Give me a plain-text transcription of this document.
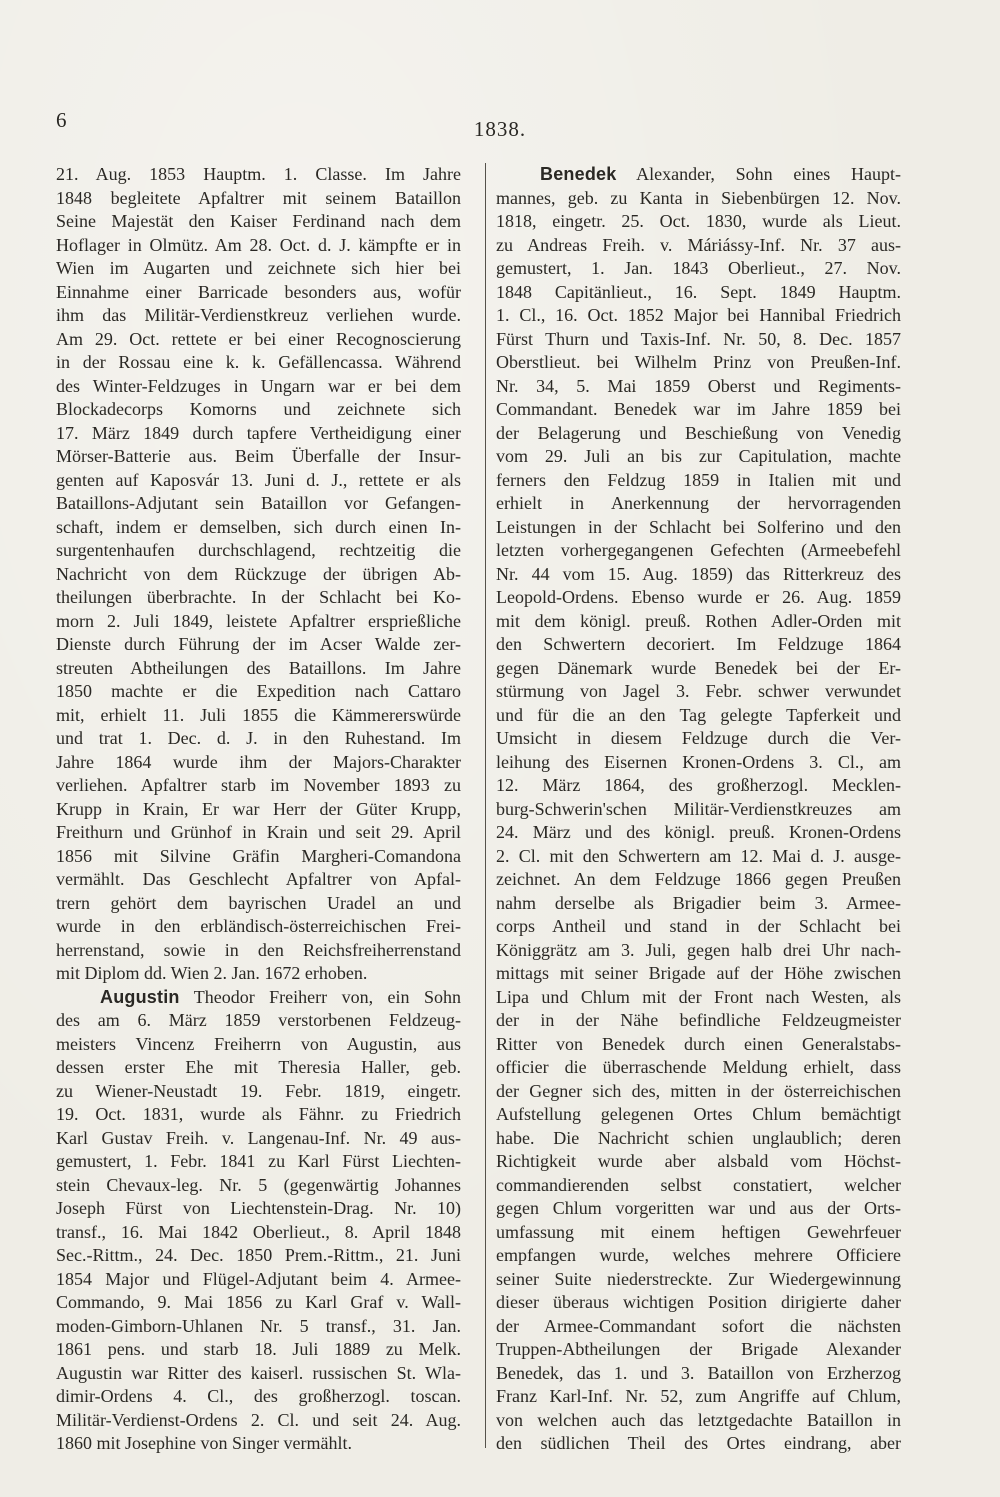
6	1838.
21. Aug. 1853 Hauptm. 1. Classe. Im Jahre
1848 begleitete Apfaltrer mit seinem Bataillon
Seine Majestät den Kaiser Ferdinand nach dem
Hoflager in Olmütz. Am 28. Oct. d. J. kämpfte er in
Wien im Augarten und zeichnete sich hier bei
Einnahme einer Barricade besonders aus, wofür
ihm das Militär-Verdienstkreuz verliehen wurde.
Am 29. Oct. rettete er bei einer Recognoscierung
in der Rossau eine k. k. Gefällencassa. Während
des Winter-Feldzuges in Ungarn war er bei dem
Blockadecorps Komorns und zeichnete sich
17. März 1849 durch tapfere Vertheidigung einer
Mörser-Batterie aus. Beim Überfalle der Insur-
genten auf Kaposvár 13. Juni d. J., rettete er als
Bataillons-Adjutant sein Bataillon vor Gefangen-
schaft, indem er demselben, sich durch einen In-
surgentenhaufen durchschlagend, rechtzeitig die
Nachricht von dem Rückzuge der übrigen Ab-
theilungen überbrachte. In der Schlacht bei Ko-
morn 2. Juli 1849, leistete Apfaltrer ersprießliche
Dienste durch Führung der im Acser Walde zer-
streuten Abtheilungen des Bataillons. Im Jahre
1850 machte er die Expedition nach Cattaro
mit, erhielt 11. Juli 1855 die Kämmererswürde
und trat 1. Dec. d. J. in den Ruhestand. Im
Jahre 1864 wurde ihm der Majors-Charakter
verliehen. Apfaltrer starb im November 1893 zu
Krupp in Krain, Er war Herr der Güter Krupp,
Freithurn und Grünhof in Krain und seit 29. April
1856 mit Silvine Gräfin Margheri-Comandona
vermählt. Das Geschlecht Apfaltrer von Apfal-
trern gehört dem bayrischen Uradel an und
wurde in den erbländisch-österreichischen Frei-
herrenstand, sowie in den Reichsfreiherrenstand
mit Diplom dd. Wien 2. Jan. 1672 erhoben.
Augustin Theodor Freiherr von, ein Sohn
des am 6. März 1859 verstorbenen Feldzeug-
meisters Vincenz Freiherrn von Augustin, aus
dessen erster Ehe mit Theresia Haller, geb.
zu Wiener-Neustadt 19. Febr. 1819, eingetr.
19. Oct. 1831, wurde als Fähnr. zu Friedrich
Karl Gustav Freih. v. Langenau-Inf. Nr. 49 aus-
gemustert, 1. Febr. 1841 zu Karl Fürst Liechten-
stein Chevaux-leg. Nr. 5 (gegenwärtig Johannes
Joseph Fürst von Liechtenstein-Drag. Nr. 10)
transf., 16. Mai 1842 Oberlieut., 8. April 1848
Sec.-Rittm., 24. Dec. 1850 Prem.-Rittm., 21. Juni
1854 Major und Flügel-Adjutant beim 4. Armee-
Commando, 9. Mai 1856 zu Karl Graf v. Wall-
moden-Gimborn-Uhlanen Nr. 5 transf., 31. Jan.
1861 pens. und starb 18. Juli 1889 zu Melk.
Augustin war Ritter des kaiserl. russischen St. Wla-
dimir-Ordens 4. Cl., des großherzogl. toscan.
Militär-Verdienst-Ordens 2. Cl. und seit 24. Aug.
1860 mit Josephine von Singer vermählt.
Benedek Alexander, Sohn eines Haupt-
mannes, geb. zu Kanta in Siebenbürgen 12. Nov.
1818, eingetr. 25. Oct. 1830, wurde als Lieut.
zu Andreas Freih. v. Máriássy-Inf. Nr. 37 aus-
gemustert, 1. Jan. 1843 Oberlieut., 27. Nov.
1848 Capitänlieut., 16. Sept. 1849 Hauptm.
1. Cl., 16. Oct. 1852 Major bei Hannibal Friedrich
Fürst Thurn und Taxis-Inf. Nr. 50, 8. Dec. 1857
Oberstlieut. bei Wilhelm Prinz von Preußen-Inf.
Nr. 34, 5. Mai 1859 Oberst und Regiments-
Commandant. Benedek war im Jahre 1859 bei
der Belagerung und Beschießung von Venedig
vom 29. Juli an bis zur Capitulation, machte
ferners den Feldzug 1859 in Italien mit und
erhielt in Anerkennung der hervorragenden
Leistungen in der Schlacht bei Solferino und den
letzten vorhergegangenen Gefechten (Armeebefehl
Nr. 44 vom 15. Aug. 1859) das Ritterkreuz des
Leopold-Ordens. Ebenso wurde er 26. Aug. 1859
mit dem königl. preuß. Rothen Adler-Orden mit
den Schwertern decoriert. Im Feldzuge 1864
gegen Dänemark wurde Benedek bei der Er-
stürmung von Jagel 3. Febr. schwer verwundet
und für die an den Tag gelegte Tapferkeit und
Umsicht in diesem Feldzuge durch die Ver-
leihung des Eisernen Kronen-Ordens 3. Cl., am
12. März 1864, des großherzogl. Mecklen-
burg-Schwerin'schen Militär-Verdienstkreuzes am
24. März und des königl. preuß. Kronen-Ordens
2. Cl. mit den Schwertern am 12. Mai d. J. ausge-
zeichnet. An dem Feldzuge 1866 gegen Preußen
nahm derselbe als Brigadier beim 3. Armee-
corps Antheil und stand in der Schlacht bei
Königgrätz am 3. Juli, gegen halb drei Uhr nach-
mittags mit seiner Brigade auf der Höhe zwischen
Lipa und Chlum mit der Front nach Westen, als
der in der Nähe befindliche Feldzeugmeister
Ritter von Benedek durch einen Generalstabs-
officier die überraschende Meldung erhielt, dass
der Gegner sich des, mitten in der österreichischen
Aufstellung gelegenen Ortes Chlum bemächtigt
habe. Die Nachricht schien unglaublich; deren
Richtigkeit wurde aber alsbald vom Höchst-
commandierenden selbst constatiert, welcher
gegen Chlum vorgeritten war und aus der Orts-
umfassung mit einem heftigen Gewehrfeuer
empfangen wurde, welches mehrere Officiere
seiner Suite niederstreckte. Zur Wiedergewinnung
dieser überaus wichtigen Position dirigierte daher
der Armee-Commandant sofort die nächsten
Truppen-Abtheilungen der Brigade Alexander
Benedek, das 1. und 3. Bataillon von Erzherzog
Franz Karl-Inf. Nr. 52, zum Angriffe auf Chlum,
von welchen auch das letztgedachte Bataillon in
den südlichen Theil des Ortes eindrang, aber
